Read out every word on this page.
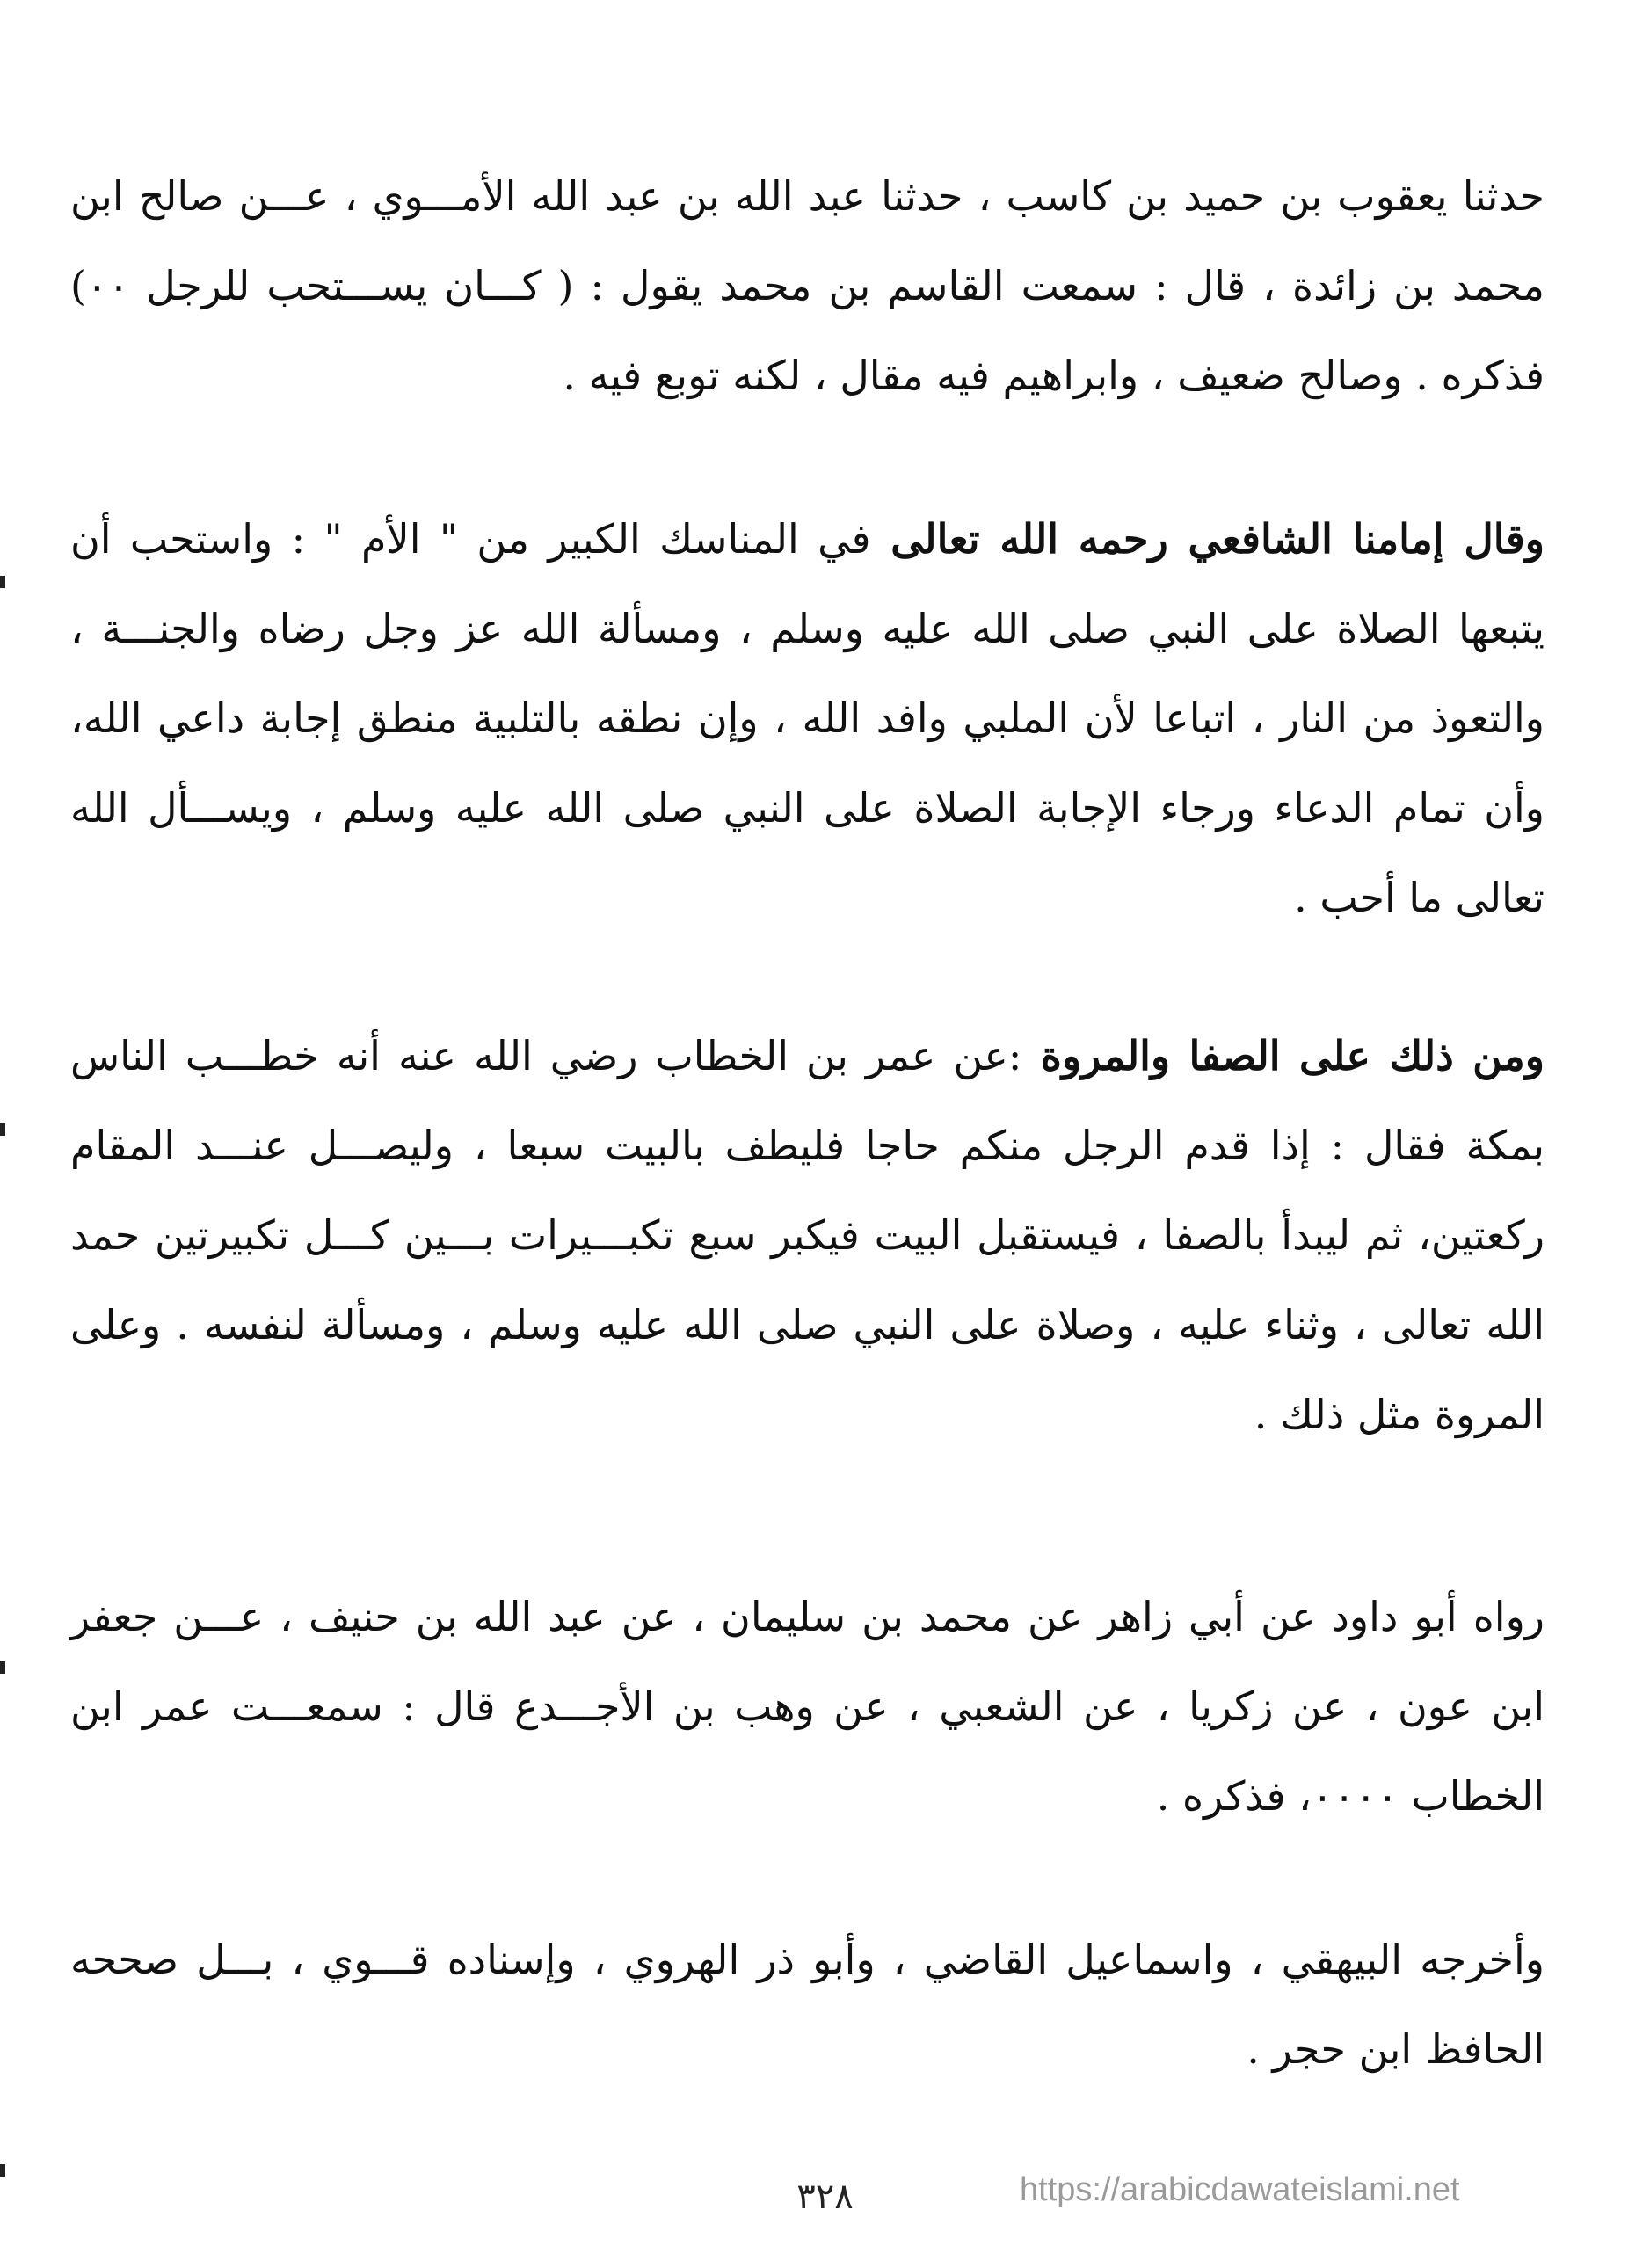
حدثنا يعقوب بن حميد بن كاسب ، حدثنا عبد الله بن عبد الله الأمـــوي ، عـــن صالح ابن محمد بن زائدة ، قال : سمعت القاسم بن محمد يقول : ( كـــان يســـتحب للرجل ٠٠) فذكره . وصالح ضعيف ، وابراهيم فيه مقال ، لكنه توبع فيه .

وقال إمامنا الشافعي رحمه الله تعالى في المناسك الكبير من " الأم " : واستحب أن يتبعها الصلاة على النبي صلى الله عليه وسلم ، ومسألة الله عز وجل رضاه والجنـــة ، والتعوذ من النار ، اتباعا لأن الملبي وافد الله ، وإن نطقه بالتلبية منطق إجابة داعي الله، وأن تمام الدعاء ورجاء الإجابة الصلاة على النبي صلى الله عليه وسلم ، ويســـأل الله تعالى ما أحب .

ومن ذلك على الصفا والمروة :عن عمر بن الخطاب رضي الله عنه أنه خطـــب الناس بمكة فقال : إذا قدم الرجل منكم حاجا فليطف بالبيت سبعا ، وليصـــل عنـــد المقام ركعتين، ثم ليبدأ بالصفا ، فيستقبل البيت فيكبر سبع تكبـــيرات بـــين كـــل تكبيرتين حمد الله تعالى ، وثناء عليه ، وصلاة على النبي صلى الله عليه وسلم ، ومسألة لنفسه . وعلى المروة مثل ذلك .

رواه أبو داود عن أبي زاهر عن محمد بن سليمان ، عن عبد الله بن حنيف ، عـــن جعفر ابن عون ، عن زكريا ، عن الشعبي ، عن وهب بن الأجـــدع قال : سمعـــت عمر ابن الخطاب ٠٠٠٠، فذكره .

وأخرجه البيهقي ، واسماعيل القاضي ، وأبو ذر الهروي ، وإسناده قـــوي ، بـــل صححه الحافظ ابن حجر .

٣٢٨	https://arabicdawateislami.net
